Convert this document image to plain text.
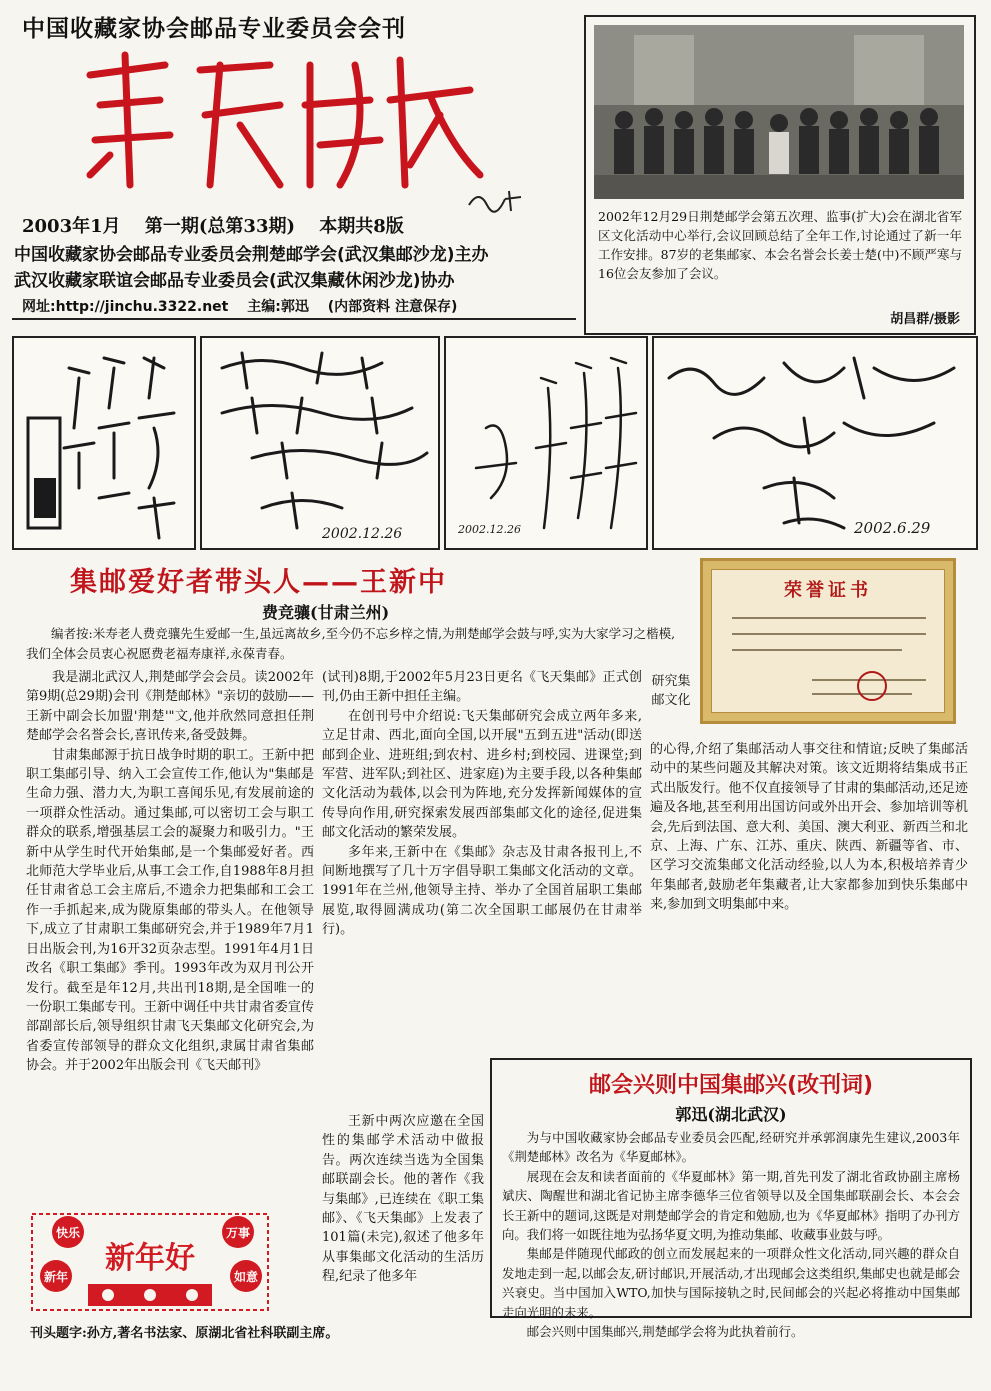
中国收藏家协会邮品专业委员会会刊
2003年1月 第一期(总第33期) 本期共8版
中国收藏家协会邮品专业委员会荆楚邮学会(武汉集邮沙龙)主办
武汉收藏家联谊会邮品专业委员会(武汉集藏休闲沙龙)协办
网址:http://jinchu.3322.net 主编:郭迅 (内部资料 注意保存)
2002年12月29日荆楚邮学会第五次理、监事(扩大)会在湖北省军区文化活动中心举行,会议回顾总结了全年工作,讨论通过了新一年工作安排。87岁的老集邮家、本会名誉会长姜士楚(中)不顾严寒与16位会友参加了会议。
胡昌群/摄影
2002.12.26	2002.12.26	2002.6.29
集邮爱好者带头人——王新中
费竞骧(甘肃兰州)
编者按:米寿老人费竞骧先生爱邮一生,虽远离故乡,至今仍不忘乡梓之情,为荆楚邮学会鼓与呼,实为大家学习之楷模,我们全体会员衷心祝愿费老福寿康祥,永葆青春。
荣誉证书

我是湖北武汉人,荆楚邮学会会员。读2002年第9期(总29期)会刊《荆楚邮林》"亲切的鼓励——王新中副会长加盟'荆楚'"文,他并欣然同意担任荆楚邮学会名誉会长,喜讯传来,备受鼓舞。

甘肃集邮源于抗日战争时期的职工。王新中把职工集邮引导、纳入工会宣传工作,他认为"集邮是生命力强、潜力大,为职工喜闻乐见,有发展前途的一项群众性活动。通过集邮,可以密切工会与职工群众的联系,增强基层工会的凝聚力和吸引力。"王新中从学生时代开始集邮,是一个集邮爱好者。西北师范大学毕业后,从事工会工作,自1988年8月担任甘肃省总工会主席后,不遗余力把集邮和工会工作一手抓起来,成为陇原集邮的带头人。在他领导下,成立了甘肃职工集邮研究会,并于1989年7月1日出版会刊,为16开32页杂志型。1991年4月1日改名《职工集邮》季刊。1993年改为双月刊公开发行。截至是年12月,共出刊18期,是全国唯一的一份职工集邮专刊。王新中调任中共甘肃省委宣传部副部长后,领导组织甘肃飞天集邮文化研究会,为省委宣传部领导的群众文化组织,隶属甘肃省集邮协会。并于2002年出版会刊《飞天邮刊》

(试刊)8期,于2002年5月23日更名《飞天集邮》正式创刊,仍由王新中担任主编。

在创刊号中介绍说:飞天集邮研究会成立两年多来,立足甘肃、西北,面向全国,以开展"五到五进"活动(即送邮到企业、进班组;到农村、进乡村;到校园、进课堂;到军营、进军队;到社区、进家庭)为主要手段,以各种集邮文化活动为载体,以会刊为阵地,充分发挥新闻媒体的宣传导向作用,研究探索发展西部集邮文化的途径,促进集邮文化活动的繁荣发展。

多年来,王新中在《集邮》杂志及甘肃各报刊上,不间断地撰写了几十万字倡导职工集邮文化活动的文章。1991年在兰州,他领导主持、举办了全国首届职工集邮展览,取得圆满成功(第二次全国职工邮展仍在甘肃举行)。

王新中两次应邀在全国性的集邮学术活动中做报告。两次连续当选为全国集邮联副会长。他的著作《我与集邮》,已连续在《职工集邮》、《飞天集邮》上发表了101篇(未完),叙述了他多年从事集邮文化活动的生活历程,纪录了他多年

研究集邮文化

的心得,介绍了集邮活动人事交往和情谊;反映了集邮活动中的某些问题及其解决对策。该文近期将结集成书正式出版发行。他不仅直接领导了甘肃的集邮活动,还足迹遍及各地,甚至利用出国访问或外出开会、参加培训等机会,先后到法国、意大利、美国、澳大利亚、新西兰和北京、上海、广东、江苏、重庆、陕西、新疆等省、市、区学习交流集邮文化活动经验,以人为本,积极培养青少年集邮者,鼓励老年集藏者,让大家都参加到快乐集邮中来,参加到文明集邮中来。

邮会兴则中国集邮兴(改刊词)
郭迅(湖北武汉)

为与中国收藏家协会邮品专业委员会匹配,经研究并承郭润康先生建议,2003年《荆楚邮林》改名为《华夏邮林》。

展现在会友和读者面前的《华夏邮林》第一期,首先刊发了湖北省政协副主席杨斌庆、陶醒世和湖北省记协主席李德华三位省领导以及全国集邮联副会长、本会会长王新中的题词,这既是对荆楚邮学会的肯定和勉励,也为《华夏邮林》指明了办刊方向。我们将一如既往地为弘扬华夏文明,为推动集邮、收藏事业鼓与呼。

集邮是伴随现代邮政的创立而发展起来的一项群众性文化活动,同兴趣的群众自发地走到一起,以邮会友,研讨邮识,开展活动,才出现邮会这类组织,集邮史也就是邮会兴衰史。当中国加入WTO,加快与国际接轨之时,民间邮会的兴起必将推动中国集邮走向光明的未来。

邮会兴则中国集邮兴,荆楚邮学会将为此执着前行。

快乐	万事
新年	如意
新年好
刊头题字:孙方,著名书法家、原湖北省社科联副主席。
